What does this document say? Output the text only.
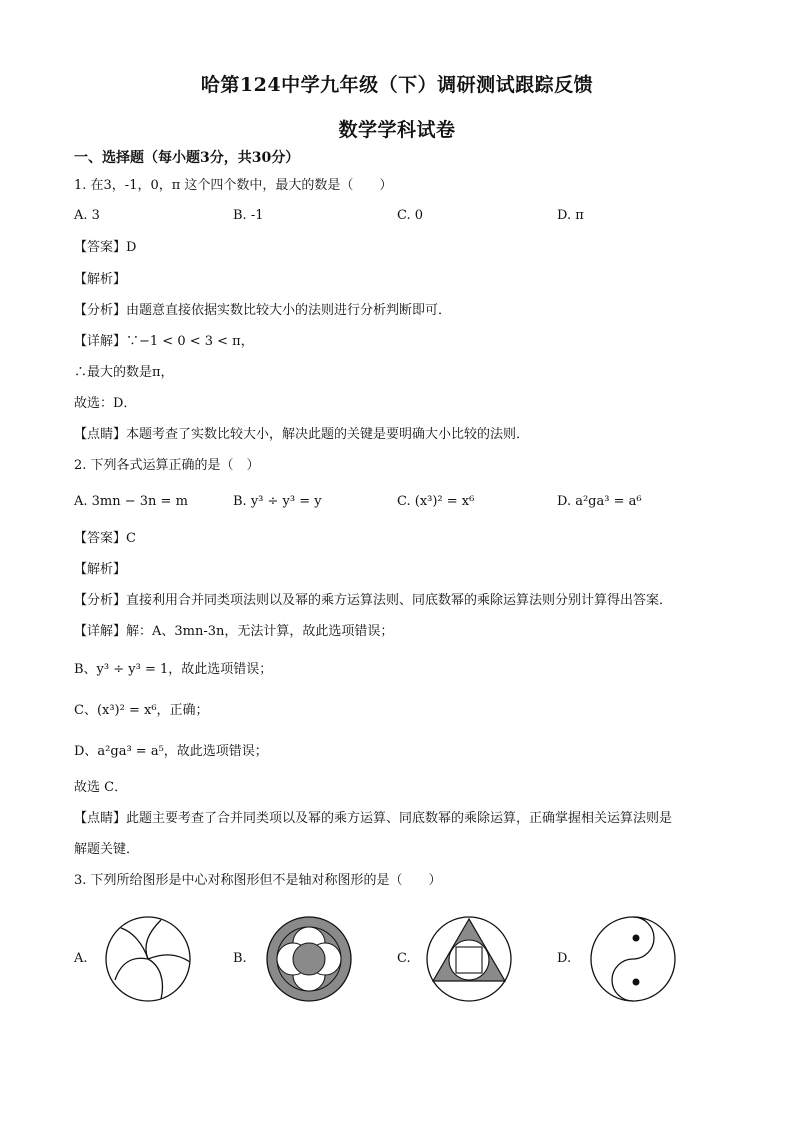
哈第124中学九年级（下）调研测试跟踪反馈
数学学科试卷
一、选择题（每小题3分，共30分）
1. 在3，-1，0，π 这个四个数中，最大的数是（　　）
A. 3	B. -1	C. 0	D. π
【答案】D
【解析】
【分析】由题意直接依据实数比较大小的法则进行分析判断即可．
【详解】∵−1 < 0 < 3 < π，
∴最大的数是π，
故选：D．
【点睛】本题考查了实数比较大小，解决此题的关键是要明确大小比较的法则．
2. 下列各式运算正确的是（　）
A. 3mn − 3n = m	B. y³ ÷ y³ = y	C. (x³)² = x⁶	D. a²ga³ = a⁶
【答案】C
【解析】
【分析】直接利用合并同类项法则以及幂的乘方运算法则、同底数幂的乘除运算法则分别计算得出答案．
【详解】解：A、3mn-3n，无法计算，故此选项错误；
B、y³ ÷ y³ = 1，故此选项错误；
C、(x³)² = x⁶，正确；
D、a²ga³ = a⁵，故此选项错误；
故选 C．
【点睛】此题主要考查了合并同类项以及幂的乘方运算、同底数幂的乘除运算，正确掌握相关运算法则是
解题关键．
3. 下列所给图形是中心对称图形但不是轴对称图形的是（　　）
A.	B.	C.	D.
